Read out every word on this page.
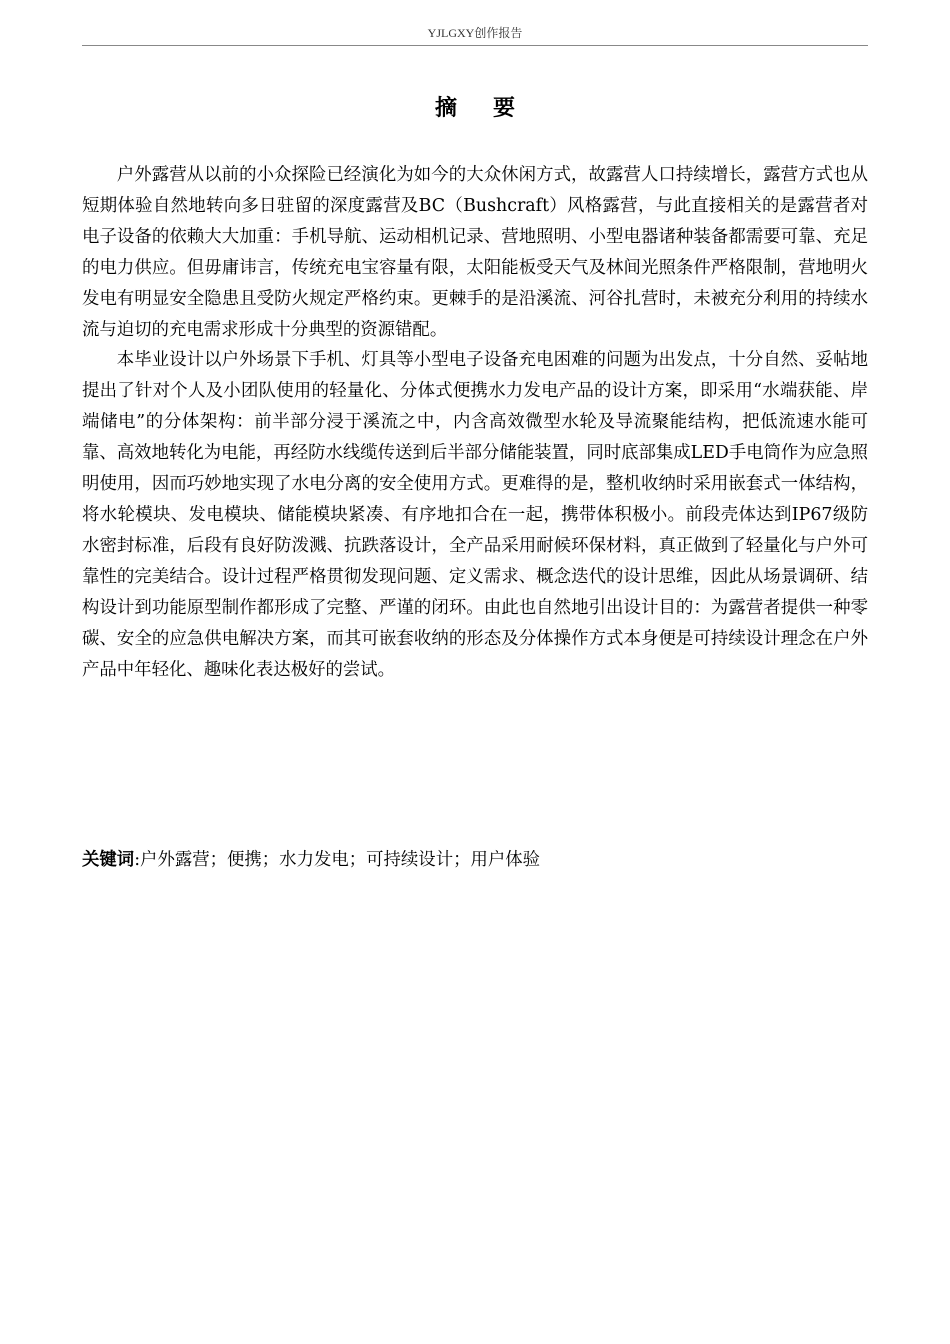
YJLGXY创作报告
摘要

户外露营从以前的小众探险已经演化为如今的大众休闲方式，故露营人口持续增长，露营方式也从短期体验自然地转向多日驻留的深度露营及BC（Bushcraft）风格露营，与此直接相关的是露营者对电子设备的依赖大大加重：手机导航、运动相机记录、营地照明、小型电器诸种装备都需要可靠、充足的电力供应。但毋庸讳言，传统充电宝容量有限，太阳能板受天气及林间光照条件严格限制，营地明火发电有明显安全隐患且受防火规定严格约束。更棘手的是沿溪流、河谷扎营时，未被充分利用的持续水流与迫切的充电需求形成十分典型的资源错配。

本毕业设计以户外场景下手机、灯具等小型电子设备充电困难的问题为出发点，十分自然、妥帖地提出了针对个人及小团队使用的轻量化、分体式便携水力发电产品的设计方案，即采用“水端获能、岸端储电”的分体架构：前半部分浸于溪流之中，内含高效微型水轮及导流聚能结构，把低流速水能可靠、高效地转化为电能，再经防水线缆传送到后半部分储能装置，同时底部集成LED手电筒作为应急照明使用，因而巧妙地实现了水电分离的安全使用方式。更难得的是，整机收纳时采用嵌套式一体结构，将水轮模块、发电模块、储能模块紧凑、有序地扣合在一起，携带体积极小。前段壳体达到IP67级防水密封标准，后段有良好防泼溅、抗跌落设计，全产品采用耐候环保材料，真正做到了轻量化与户外可靠性的完美结合。设计过程严格贯彻发现问题、定义需求、概念迭代的设计思维，因此从场景调研、结构设计到功能原型制作都形成了完整、严谨的闭环。由此也自然地引出设计目的：为露营者提供一种零碳、安全的应急供电解决方案，而其可嵌套收纳的形态及分体操作方式本身便是可持续设计理念在户外产品中年轻化、趣味化表达极好的尝试。

关键词:户外露营；便携；水力发电；可持续设计；用户体验
